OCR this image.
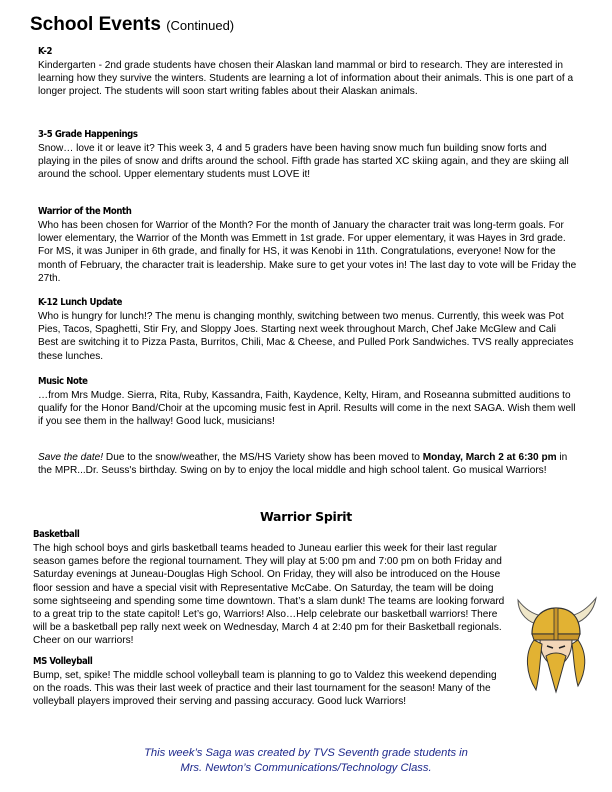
School Events (Continued)
K-2
Kindergarten - 2nd grade students have chosen their Alaskan land mammal or bird to research. They are interested in learning how they survive the winters. Students are learning a lot of information about their animals. This is one part of a longer project. The students will soon start writing fables about their Alaskan animals.
3-5 Grade Happenings
Snow… love it or leave it? This week 3, 4 and 5 graders have been having snow much fun building snow forts and playing in the piles of snow and drifts around the school. Fifth grade has started XC skiing again, and they are skiing all around the school. Upper elementary students must LOVE it!
Warrior of the Month
Who has been chosen for Warrior of the Month? For the month of January the character trait was long-term goals. For lower elementary, the Warrior of the Month was Emmett in 1st grade. For upper elementary, it was Hayes in 3rd grade. For MS, it was Juniper in 6th grade, and finally for HS, it was Kenobi in 11th. Congratulations, everyone! Now for the month of February, the character trait is leadership. Make sure to get your votes in! The last day to vote will be Friday the 27th.
K-12 Lunch Update
Who is hungry for lunch!? The menu is changing monthly, switching between two menus. Currently, this week was Pot Pies, Tacos, Spaghetti, Stir Fry, and Sloppy Joes. Starting next week throughout March, Chef Jake McGlew and Cali Best are switching it to Pizza Pasta, Burritos, Chili, Mac & Cheese, and Pulled Pork Sandwiches. TVS really appreciates these lunches.
Music Note
…from Mrs Mudge. Sierra, Rita, Ruby, Kassandra, Faith, Kaydence, Kelty, Hiram, and Roseanna submitted auditions to qualify for the Honor Band/Choir at the upcoming music fest in April. Results will come in the next SAGA. Wish them well if you see them in the hallway! Good luck, musicians!
Save the date! Due to the snow/weather, the MS/HS Variety show has been moved to Monday, March 2 at 6:30 pm in the MPR...Dr. Seuss's birthday. Swing on by to enjoy the local middle and high school talent. Go musical Warriors!
Warrior Spirit
Basketball
The high school boys and girls basketball teams headed to Juneau earlier this week for their last regular season games before the regional tournament. They will play at 5:00 pm and 7:00 pm on both Friday and Saturday evenings at Juneau-Douglas High School. On Friday, they will also be introduced on the House floor session and have a special visit with Representative McCabe. On Saturday, the team will be doing some sightseeing and spending some time downtown. That’s a slam dunk! The teams are looking forward to a great trip to the state capitol! Let’s go, Warriors! Also…Help celebrate our basketball warriors! There will be a basketball pep rally next week on Wednesday, March 4 at 2:40 pm for their Basketball regionals. Cheer on our warriors!
MS Volleyball
Bump, set, spike! The middle school volleyball team is planning to go to Valdez this weekend depending on the roads. This was their last week of practice and their last tournament for the season! Many of the volleyball players improved their serving and passing accuracy. Good luck Warriors!
This week’s Saga was created by TVS Seventh grade students in
Mrs. Newton’s Communications/Technology Class.
